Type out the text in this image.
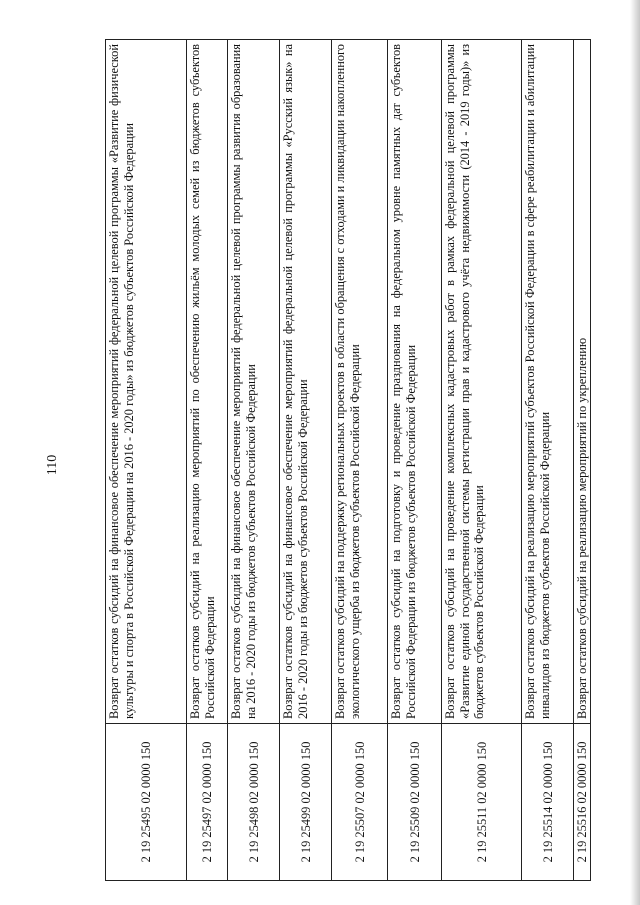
110
2 19 25495 02 0000 150	Возврат остатков субсидий на финансовое обеспечение мероприятий федеральной целевой программы «Развитие физической культуры и спорта в Российской Федерации на 2016 - 2020 годы» из бюджетов субъектов Российской Федерации
2 19 25497 02 0000 150	Возврат остатков субсидий на реализацию мероприятий по обеспечению жильём молодых семей из бюджетов субъектов Российской Федерации
2 19 25498 02 0000 150	Возврат остатков субсидий на финансовое обеспечение мероприятий федеральной целевой программы развития образования на 2016 - 2020 годы из бюджетов субъектов Российской Федерации
2 19 25499 02 0000 150	Возврат остатков субсидий на финансовое обеспечение мероприятий федеральной целевой программы «Русский язык» на 2016 - 2020 годы из бюджетов субъектов Российской Федерации
2 19 25507 02 0000 150	Возврат остатков субсидий на поддержку региональных проектов в области обращения с отходами и ликвидации накопленного экологического ущерба из бюджетов субъектов Российской Федерации
2 19 25509 02 0000 150	Возврат остатков субсидий на подготовку и проведение празднования на федеральном уровне памятных дат субъектов Российской Федерации из бюджетов субъектов Российской Федерации
2 19 25511 02 0000 150	Возврат остатков субсидий на проведение комплексных кадастровых работ в рамках федеральной целевой программы «Развитие единой государственной системы регистрации прав и кадастрового учёта недвижимости (2014 - 2019 годы)» из бюджетов субъектов Российской Федерации
2 19 25514 02 0000 150	Возврат остатков субсидий на реализацию мероприятий субъектов Российской Федерации в сфере реабилитации и абилитации инвалидов из бюджетов субъектов Российской Федерации
2 19 25516 02 0000 150	Возврат остатков субсидий на реализацию мероприятий по укреплению
